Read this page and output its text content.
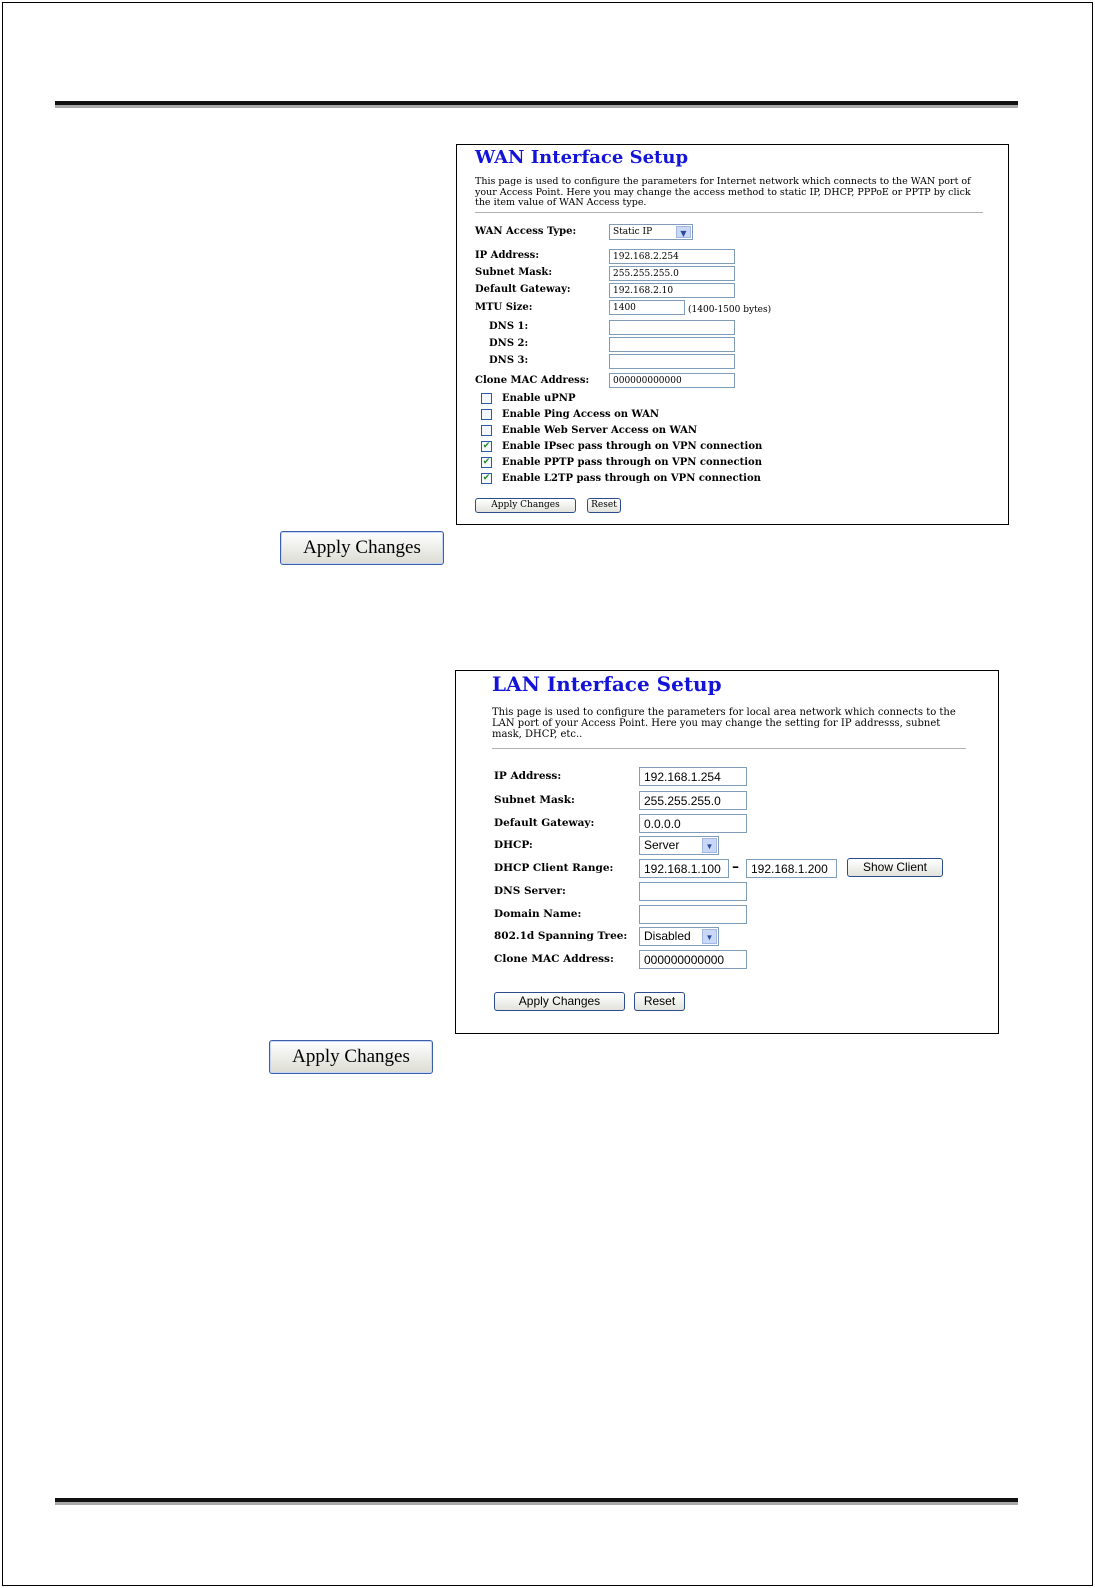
WAN Interface Setup
This page is used to configure the parameters for Internet network which connects to the WAN port of your Access Point. Here you may change the access method to static IP, DHCP, PPPoE or PPTP by click the item value of WAN Access type.
WAN Access Type:	Static IP	▼
IP Address:	192.168.2.254
Subnet Mask:	255.255.255.0
Default Gateway:	192.168.2.10
MTU Size:	1400	(1400-1500 bytes)
DNS 1:
DNS 2:
DNS 3:
Clone MAC Address:	000000000000
Enable uPNP
Enable Ping Access on WAN
Enable Web Server Access on WAN
✔ Enable IPsec pass through on VPN connection
✔ Enable PPTP pass through on VPN connection
✔ Enable L2TP pass through on VPN connection
Apply Changes	Reset
Apply Changes
LAN Interface Setup
This page is used to configure the parameters for local area network which connects to the LAN port of your Access Point. Here you may change the setting for IP addresss, subnet mask, DHCP, etc..
IP Address:	192.168.1.254
Subnet Mask:	255.255.255.0
Default Gateway:	0.0.0.0
DHCP:	Server	▼
DHCP Client Range:	192.168.1.100 –	192.168.1.200	Show Client
DNS Server:
Domain Name:
802.1d Spanning Tree:	Disabled	▼
Clone MAC Address:	000000000000
Apply Changes	Reset
Apply Changes
